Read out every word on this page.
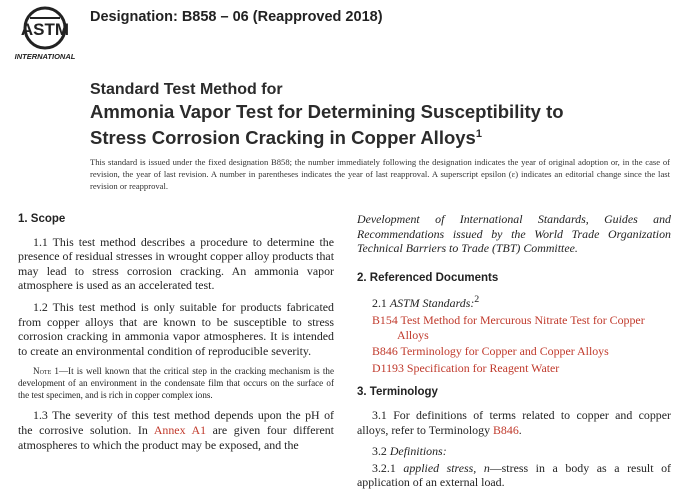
ASTM
INTERNATIONAL
Designation: B858 – 06 (Reapproved 2018)
Standard Test Method for
Ammonia Vapor Test for Determining Susceptibility to
Stress Corrosion Cracking in Copper Alloys$^1$
This standard is issued under the fixed designation B858; the number immediately following the designation indicates the year of original adoption or, in the case of revision, the year of last revision. A number in parentheses indicates the year of last reapproval. A superscript epsilon (ε) indicates an editorial change since the last revision or reapproval.
1. Scope

1.1 This test method describes a procedure to determine the presence of residual stresses in wrought copper alloy products that may lead to stress corrosion cracking. An ammonia vapor atmosphere is used as an accelerated test.

1.2 This test method is only suitable for products fabricated from copper alloys that are known to be susceptible to stress corrosion cracking in ammonia vapor atmospheres. It is intended to create an environmental condition of reproducible severity.

Note 1—It is well known that the critical step in the cracking mechanism is the development of an environment in the condensate film that occurs on the surface of the test specimen, and is rich in copper complex ions.

1.3 The severity of this test method depends upon the pH of the corrosive solution. In Annex A1 are given four different atmospheres to which the product may be exposed, and the

Development of International Standards, Guides and Recommendations issued by the World Trade Organization Technical Barriers to Trade (TBT) Committee.

2. Referenced Documents

2.1 ASTM Standards:$^2$

B154 Test Method for Mercurous Nitrate Test for Copper Alloys
B846 Terminology for Copper and Copper Alloys
D1193 Specification for Reagent Water
3. Terminology

3.1 For definitions of terms related to copper and copper alloys, refer to Terminology B846.

3.2 Definitions:

3.2.1 applied stress, n—stress in a body as a result of application of an external load.
